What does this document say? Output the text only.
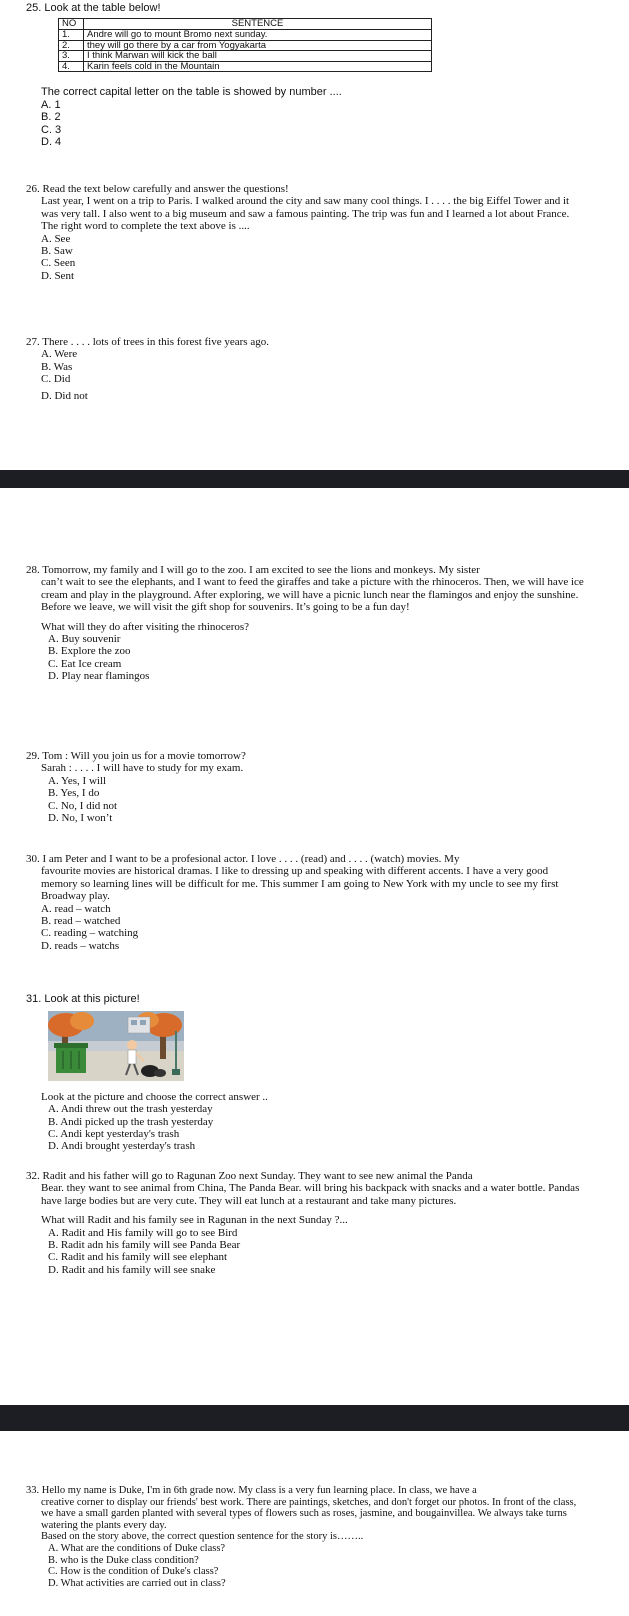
25. Look at the table below!

NO	SENTENCE
1.	Andre will go to mount Bromo next sunday.
2.	they will go there by a car from Yogyakarta
3.	I think Marwan will kick the ball
4.	Karin feels cold in the Mountain

The correct capital letter on the table is showed by number ....

A. 1

B. 2

C. 3

D. 4

26. Read the text below carefully and answer the questions!

Last year, I went on a trip to Paris. I walked around the city and saw many cool things. I . . . . the big Eiffel Tower and it was very tall. I also went to a big museum and saw a famous painting. The trip was fun and I learned a lot about France.

The right word to complete the text above is ....

A. See

B. Saw

C. Seen

D. Sent

27. There . . . . lots of trees in this forest five years ago.

A. Were

B. Was

C. Did

D. Did not

28. Tomorrow, my family and I will go to the zoo. I am excited to see the lions and monkeys. My sister

can’t wait to see the elephants, and I want to feed the giraffes and take a picture with the rhinoceros. Then, we will have ice cream and play in the playground. After exploring, we will have a picnic lunch near the flamingos and enjoy the sunshine. Before we leave, we will visit the gift shop for souvenirs. It’s going to be a fun day!

What will they do after visiting the rhinoceros?

A. Buy souvenir

B. Explore the zoo

C. Eat Ice cream

D. Play near flamingos

29. Tom : Will you join us for a movie tomorrow?

Sarah : . . . . I will have to study for my exam.

A. Yes, I will

B. Yes, I do

C. No, I did not

D. No, I won’t

30. I am Peter and I want to be a profesional actor. I love . . . . (read) and . . . . (watch) movies. My

favourite movies are historical dramas. I like to dressing up and speaking with different accents. I have a very good memory so learning lines will be difficult for me. This summer I am going to New York with my uncle to see my first Broadway play.

A. read – watch

B. read – watched

C. reading – watching

D. reads – watchs

31. Look at this picture!

Look at the picture and choose the correct answer ..

A. Andi threw out the trash yesterday

B. Andi picked up the trash yesterday

C. Andi kept yesterday's trash

D. Andi brought yesterday's trash

32. Radit and his father will go to Ragunan Zoo next Sunday. They want to see new animal the Panda

Bear. they want to see animal from China, The Panda Bear. will bring his backpack with snacks and a water bottle. Pandas have large bodies but are very cute. They will eat lunch at a restaurant and take many pictures.

What will Radit and his family see in Ragunan in the next Sunday ?...

A. Radit and His family will go to see Bird

B. Radit adn his family will see Panda Bear

C. Radit and his family will see elephant

D. Radit and his family will see snake

33. Hello my name is Duke, I'm in 6th grade now. My class is a very fun learning place. In class, we have a

creative corner to display our friends' best work. There are paintings, sketches, and don't forget our photos. In front of the class, we have a small garden planted with several types of flowers such as roses, jasmine, and bougainvillea. We always take turns watering the plants every day.

Based on the story above, the correct question sentence for the story is……..

A. What are the conditions of Duke class?

B. who is the Duke class condition?

C. How is the condition of Duke's class?

D. What activities are carried out in class?
